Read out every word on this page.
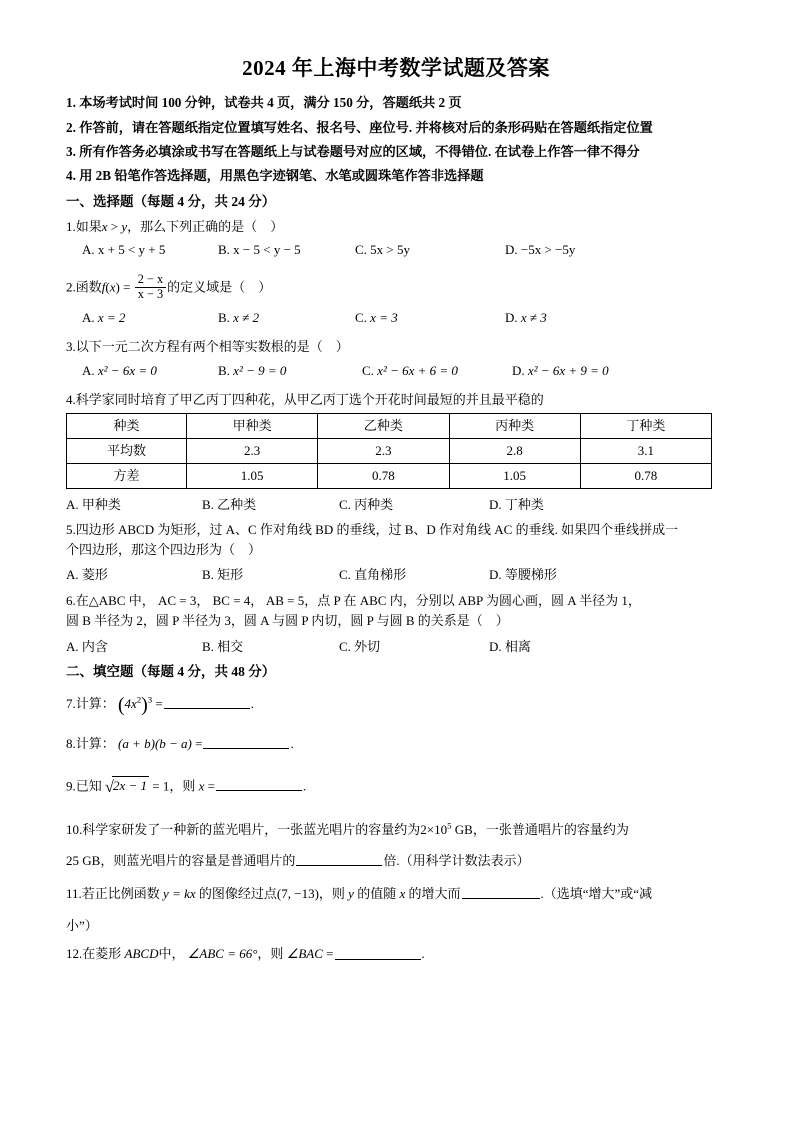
2024 年上海中考数学试题及答案
1. 本场考试时间 100 分钟，试卷共 4 页，满分 150 分，答题纸共 2 页
2. 作答前，请在答题纸指定位置填写姓名、报名号、座位号. 并将核对后的条形码贴在答题纸指定位置
3. 所有作答务必填涂或书写在答题纸上与试卷题号对应的区域，不得错位. 在试卷上作答一律不得分
4. 用 2B 铅笔作答选择题，用黑色字迹钢笔、水笔或圆珠笔作答非选择题
一、选择题（每题 4 分，共 24 分）
1.如果x > y，那么下列正确的是（ ）
A. x + 5 < y + 5	B. x − 5 < y − 5	C. 5x > 5y	D. −5x > −5y
2.函数$f(x) = \frac{2 - x}{x - 3}$ 的定义域是（ ）
A. x = 2	B. x ≠ 2	C. x = 3	D. x ≠ 3
3.以下一元二次方程有两个相等实数根的是（ ）
A. x² − 6x = 0	B. x² − 9 = 0	C. x² − 6x + 6 = 0	D. x² − 6x + 9 = 0
4.科学家同时培育了甲乙丙丁四种花，从甲乙丙丁选个开花时间最短的并且最平稳的
种类	甲种类	乙种类	丙种类	丁种类
平均数	2.3	2.3	2.8	3.1
方差	1.05	0.78	1.05	0.78
A. 甲种类	B. 乙种类	C. 丙种类	D. 丁种类
5.四边形 ABCD 为矩形，过 A、C 作对角线 BD 的垂线，过 B、D 作对角线 AC 的垂线. 如果四个垂线拼成一
个四边形，那这个四边形为（ ）
A. 菱形	B. 矩形	C. 直角梯形	D. 等腰梯形
6.在△ABC 中， AC = 3， BC = 4， AB = 5，点 P 在 ABC 内，分别以 ABP 为圆心画，圆 A 半径为 1，
圆 B 半径为 2，圆 P 半径为 3，圆 A 与圆 P 内切，圆 P 与圆 B 的关系是（ ）
A. 内含	B. 相交	C. 外切	D. 相离
二、填空题（每题 4 分，共 48 分）
7.计算： $(4x^2)^3$ =	.
8.计算： (a + b)(b − a) =	.
9.已知 √2x − 1 = 1，则 x =	.
10.科学家研发了一种新的蓝光唱片，一张蓝光唱片的容量约为$2\times 10^5$ GB，一张普通唱片的容量约为
25 GB，则蓝光唱片的容量是普通唱片的	倍.（用科学计数法表示）
11.若正比例函数 y = kx 的图像经过点(7, −13)，则 y 的值随 x 的增大而	.（选填“增大”或“减
小”）
12.在菱形 ABCD中， ∠ABC = 66°，则 ∠BAC =	.
